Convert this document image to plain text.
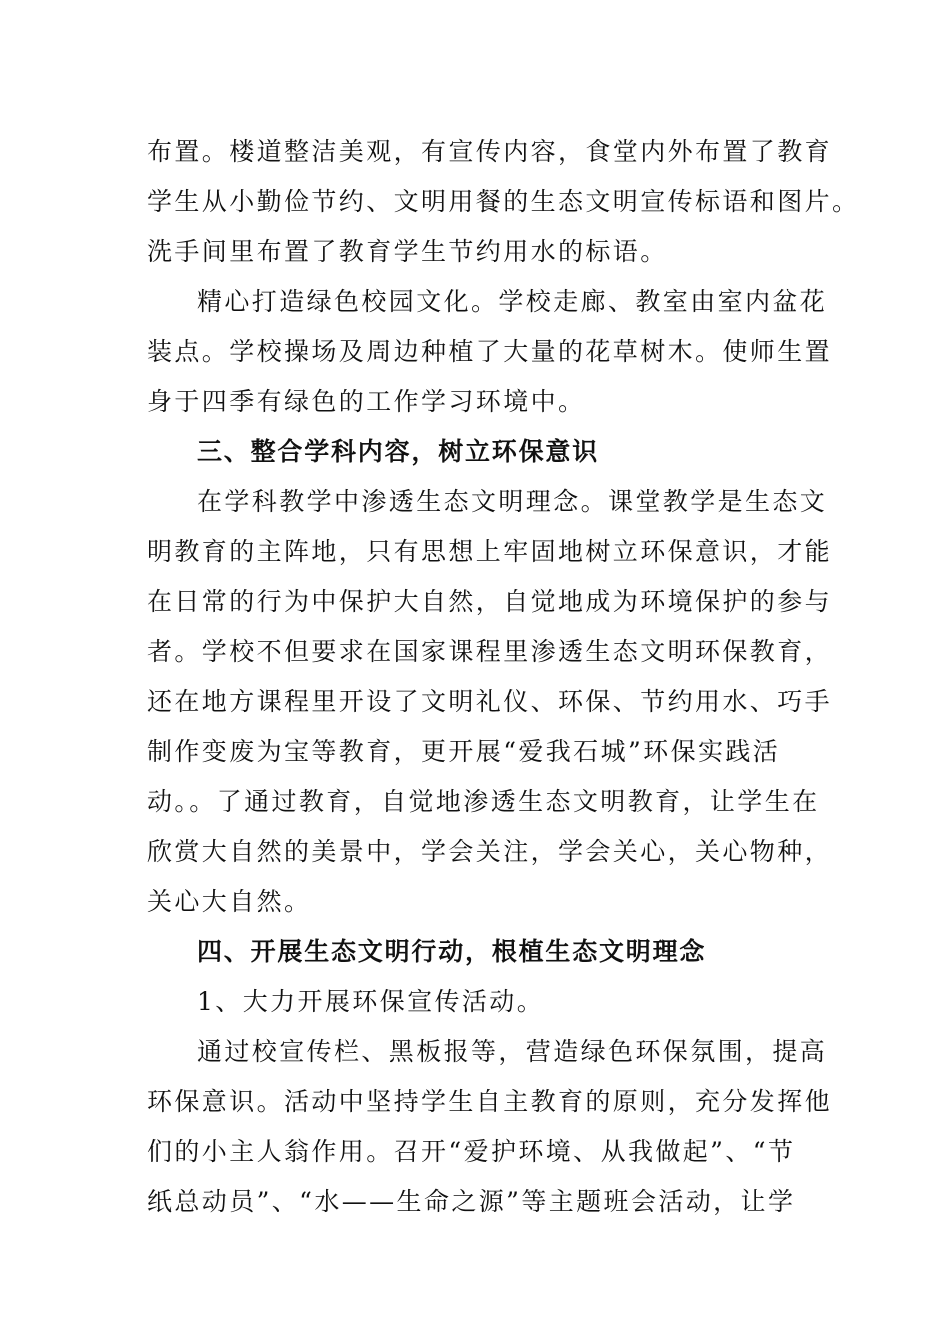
布置。楼道整洁美观，有宣传内容，食堂内外布置了教育
学生从小勤俭节约、文明用餐的生态文明宣传标语和图片。
洗手间里布置了教育学生节约用水的标语。
精心打造绿色校园文化。学校走廊、教室由室内盆花
装点。学校操场及周边种植了大量的花草树木。使师生置
身于四季有绿色的工作学习环境中。
三、整合学科内容，树立环保意识
在学科教学中渗透生态文明理念。课堂教学是生态文
明教育的主阵地，只有思想上牢固地树立环保意识，才能
在日常的行为中保护大自然，自觉地成为环境保护的参与
者。学校不但要求在国家课程里渗透生态文明环保教育，
还在地方课程里开设了文明礼仪、环保、节约用水、巧手
制作变废为宝等教育，更开展“爱我石城”环保实践活
动。。了通过教育，自觉地渗透生态文明教育，让学生在
欣赏大自然的美景中，学会关注，学会关心，关心物种，
关心大自然。
四、开展生态文明行动，根植生态文明理念
1、大力开展环保宣传活动。
通过校宣传栏、黑板报等，营造绿色环保氛围，提高
环保意识。活动中坚持学生自主教育的原则，充分发挥他
们的小主人翁作用。召开“爱护环境、从我做起”、“节
纸总动员”、“水——生命之源”等主题班会活动，让学
